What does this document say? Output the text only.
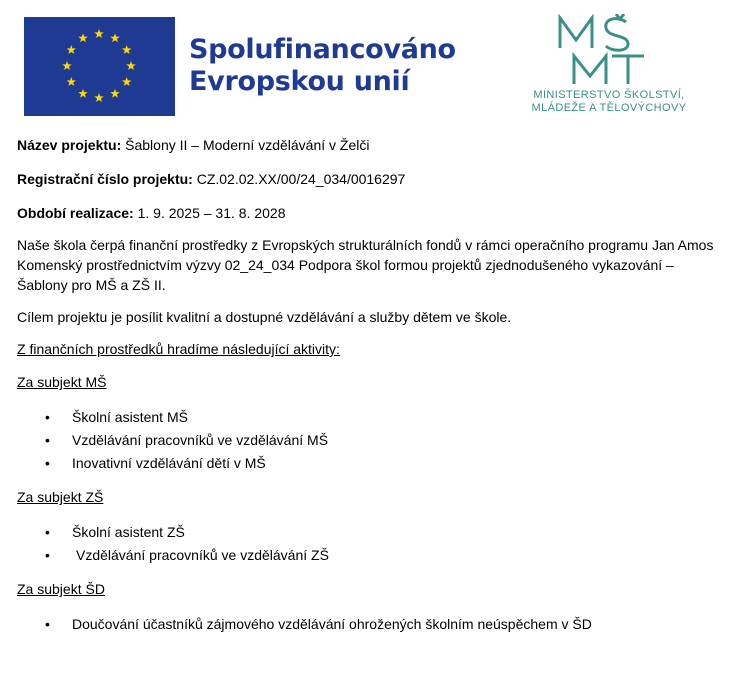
Spolufinancováno
Evropskou unií	MINISTERSTVO ŠKOLSTVÍ,
MLÁDEŽE A TĚLOVÝCHOVY

Název projektu: Šablony II – Moderní vzdělávání v Želči

Registrační číslo projektu: CZ.02.02.XX/00/24_034/0016297

Období realizace: 1. 9. 2025 – 31. 8. 2028

Naše škola čerpá finanční prostředky z Evropských strukturálních fondů v rámci operačního programu Jan Amos Komenský prostřednictvím výzvy 02_24_034 Podpora škol formou projektů zjednodušeného vykazování – Šablony pro MŠ a ZŠ II.

Cílem projektu je posílit kvalitní a dostupné vzdělávání a služby dětem ve škole.

Z finančních prostředků hradíme následující aktivity:

Za subjekt MŠ

• Školní asistent MŠ
• Vzdělávání pracovníků ve vzdělávání MŠ
• Inovativní vzdělávání dětí v MŠ

Za subjekt ZŠ

• Školní asistent ZŠ
• Vzdělávání pracovníků ve vzdělávání ZŠ

Za subjekt ŠD

• Doučování účastníků zájmového vzdělávání ohrožených školním neúspěchem v ŠD
